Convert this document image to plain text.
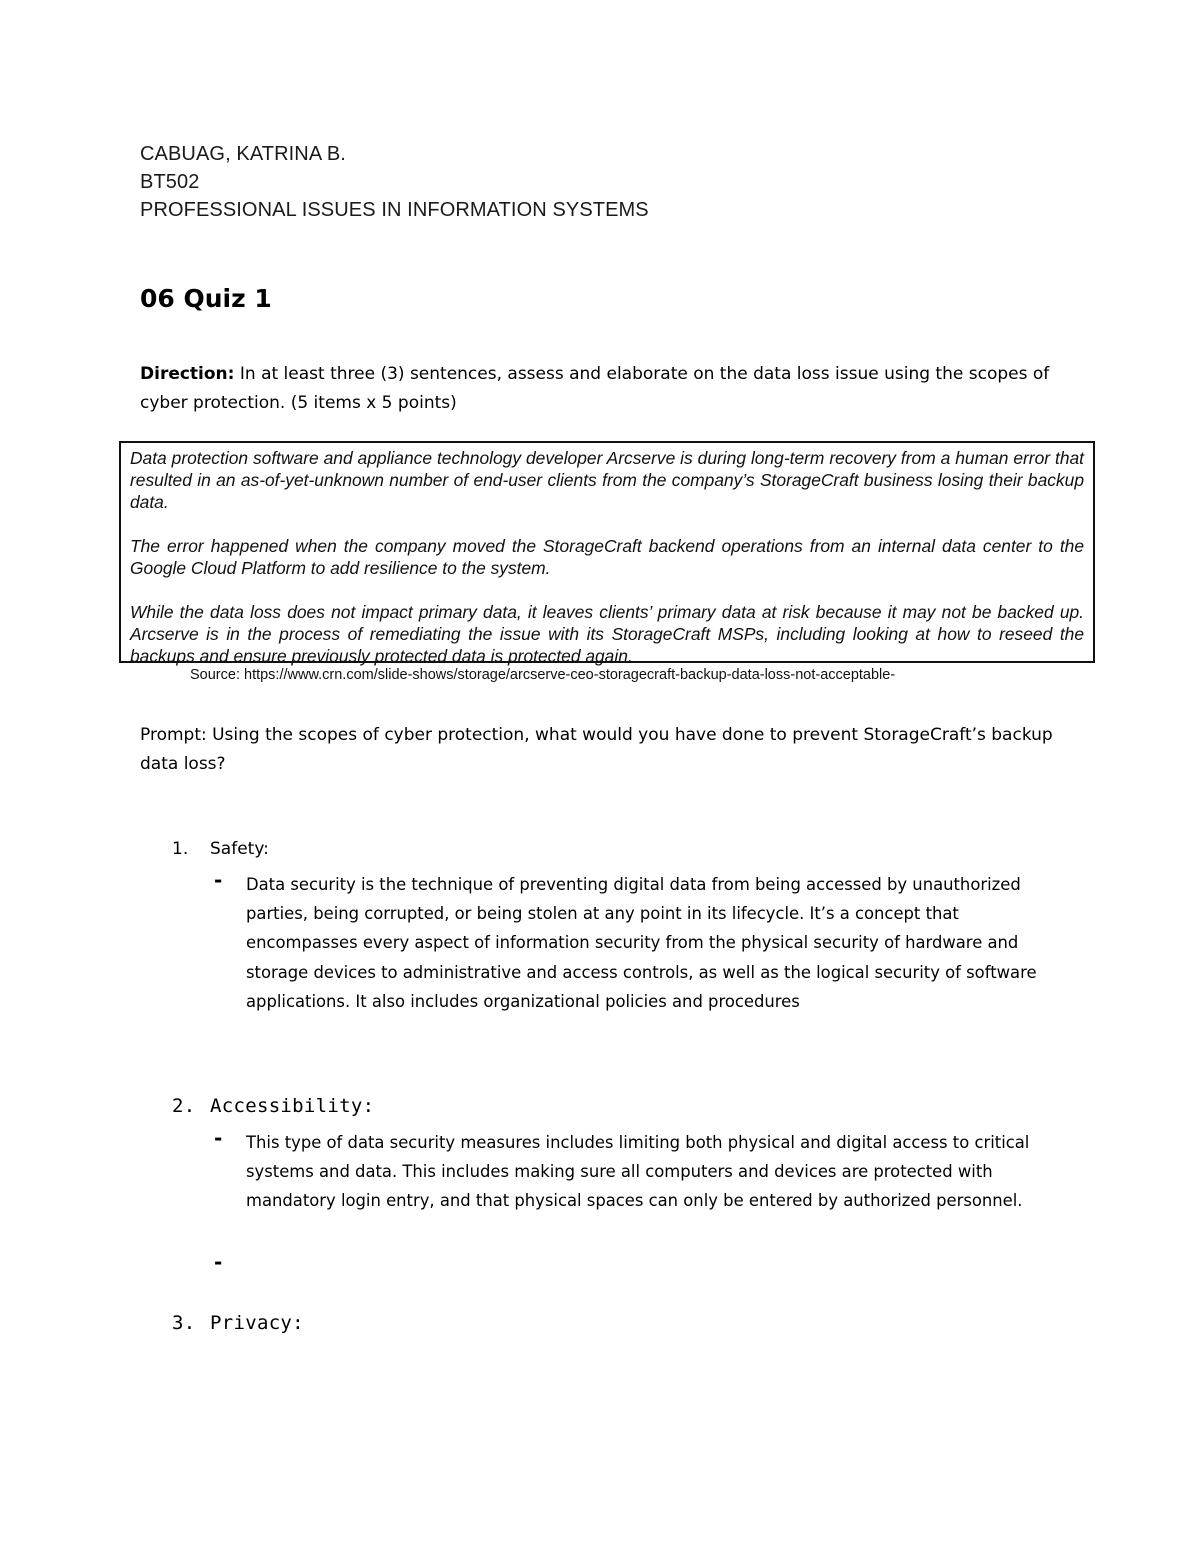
CABUAG, KATRINA B.
BT502
PROFESSIONAL ISSUES IN INFORMATION SYSTEMS
06 Quiz 1
Direction: In at least three (3) sentences, assess and elaborate on the data loss issue using the scopes of cyber protection. (5 items x 5 points)

Data protection software and appliance technology developer Arcserve is during long-term recovery from a human error that resulted in an as-of-yet-unknown number of end-user clients from the company’s StorageCraft business losing their backup data.

The error happened when the company moved the StorageCraft backend operations from an internal data center to the Google Cloud Platform to add resilience to the system.

While the data loss does not impact primary data, it leaves clients’ primary data at risk because it may not be backed up. Arcserve is in the process of remediating the issue with its StorageCraft MSPs, including looking at how to reseed the backups and ensure previously protected data is protected again.

Source: https://www.crn.com/slide-shows/storage/arcserve-ceo-storagecraft-backup-data-loss-not-acceptable-
Prompt: Using the scopes of cyber protection, what would you have done to prevent StorageCraft’s backup data loss?
1. Safety:
- Data security is the technique of preventing digital data from being accessed by unauthorized parties, being corrupted, or being stolen at any point in its lifecycle. It’s a concept that encompasses every aspect of information security from the physical security of hardware and storage devices to administrative and access controls, as well as the logical security of software applications. It also includes organizational policies and procedures
2. Accessibility:
- This type of data security measures includes limiting both physical and digital access to critical systems and data. This includes making sure all computers and devices are protected with mandatory login entry, and that physical spaces can only be entered by authorized personnel.
-
3. Privacy:
